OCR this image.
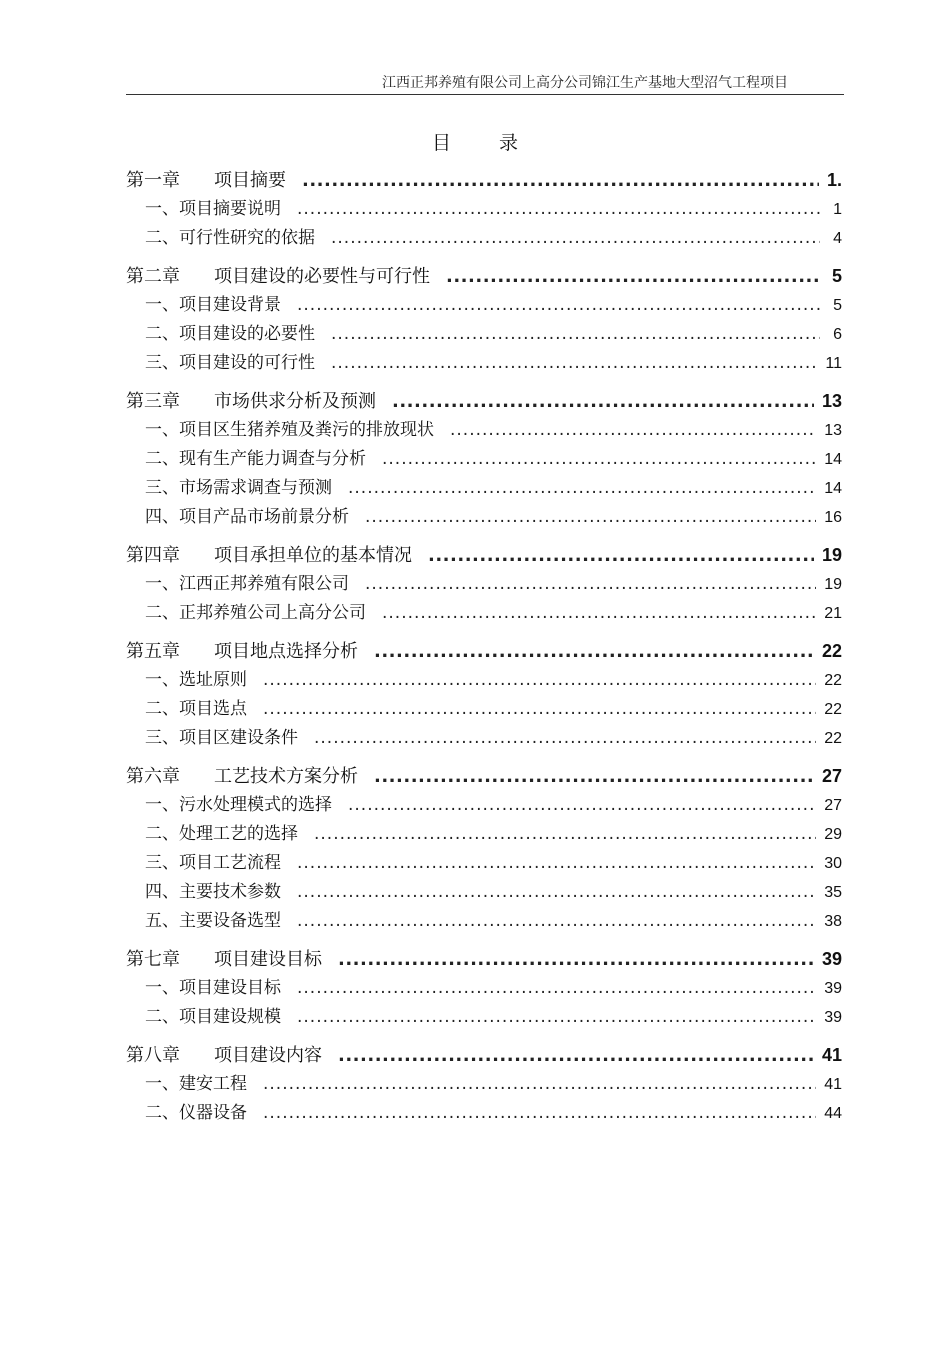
江西正邦养殖有限公司上高分公司锦江生产基地大型沼气工程项目
目录
第一章 项目摘要 .....	1.
一、项目摘要说明 .....	1
二、可行性研究的依据 .....	4
第二章 项目建设的必要性与可行性 .....	5
一、项目建设背景 .....	5
二、项目建设的必要性 .....	6
三、项目建设的可行性 .....	11
第三章 市场供求分析及预测 .....	13
一、项目区生猪养殖及粪污的排放现状 .....	13
二、现有生产能力调查与分析 .....	14
三、市场需求调查与预测 .....	14
四、项目产品市场前景分析 .....	16
第四章 项目承担单位的基本情况 .....	19
一、江西正邦养殖有限公司 .....	19
二、正邦养殖公司上高分公司 .....	21
第五章 项目地点选择分析 .....	22
一、选址原则 .....	22
二、项目选点 .....	22
三、项目区建设条件 .....	22
第六章 工艺技术方案分析 .....	27
一、污水处理模式的选择 .....	27
二、处理工艺的选择 .....	29
三、项目工艺流程 .....	30
四、主要技术参数 .....	35
五、主要设备选型 .....	38
第七章 项目建设目标 .....	39
一、项目建设目标 .....	39
二、项目建设规模 .....	39
第八章 项目建设内容 .....	41
一、建安工程 .....	41
二、仪器设备 .....	44
